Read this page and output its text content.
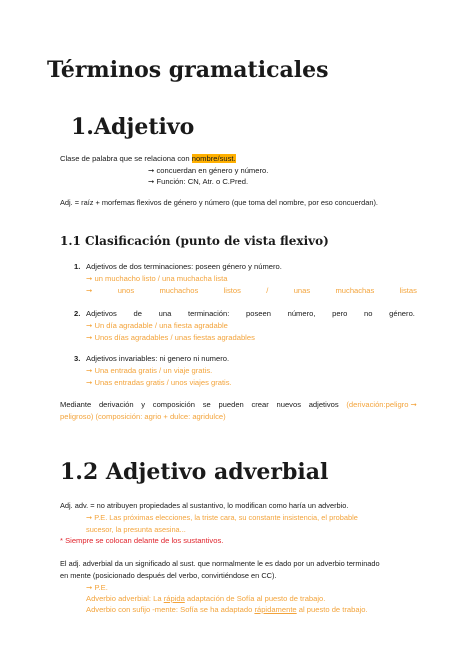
Términos gramaticales
1.Adjetivo
Clase de palabra que se relaciona con nombre/sust.
➞ concuerdan en género y número.
➞ Función: CN, Atr. o C.Pred.
Adj. = raíz + morfemas flexivos de género y número (que toma del nombre, por eso concuerdan).
1.1 Clasificación (punto de vista flexivo)
1. Adjetivos de dos terminaciones: poseen género y número.
➞ un muchacho listo / una muchacha lista
➞	unos	muchachos	listos	/	unas	muchachas	listas
2. Adjetivos de una terminación: poseen número, pero no género.
➞ Un día agradable / una fiesta agradable
➞ Unos días agradables / unas fiestas agradables
3. Adjetivos invariables: ni genero ni numero.
➞ Una entrada gratis / un viaje gratis.
➞ Unas entradas gratis / unos viajes gratis.
Mediante derivación y composición se pueden crear nuevos adjetivos (derivación:peligro ➞
peligroso) (composición: agrio + dulce: agridulce)
1.2 Adjetivo adverbial
Adj. adv. = no atribuyen propiedades al sustantivo, lo modifican como haría un adverbio.
➞ P.E. Las próximas elecciones, la triste cara, su constante insistencia, el probable
sucesor, la presunta asesina...
* Siempre se colocan delante de los sustantivos.
El adj. adverbial da un significado al sust. que normalmente le es dado por un adverbio terminado
en mente (posicionado después del verbo, convirtiéndose en CC).
➞ P.E.
Adverbio adverbial: La rápida adaptación de Sofía al puesto de trabajo.
Adverbio con sufijo -mente: Sofía se ha adaptado rápidamente al puesto de trabajo.
